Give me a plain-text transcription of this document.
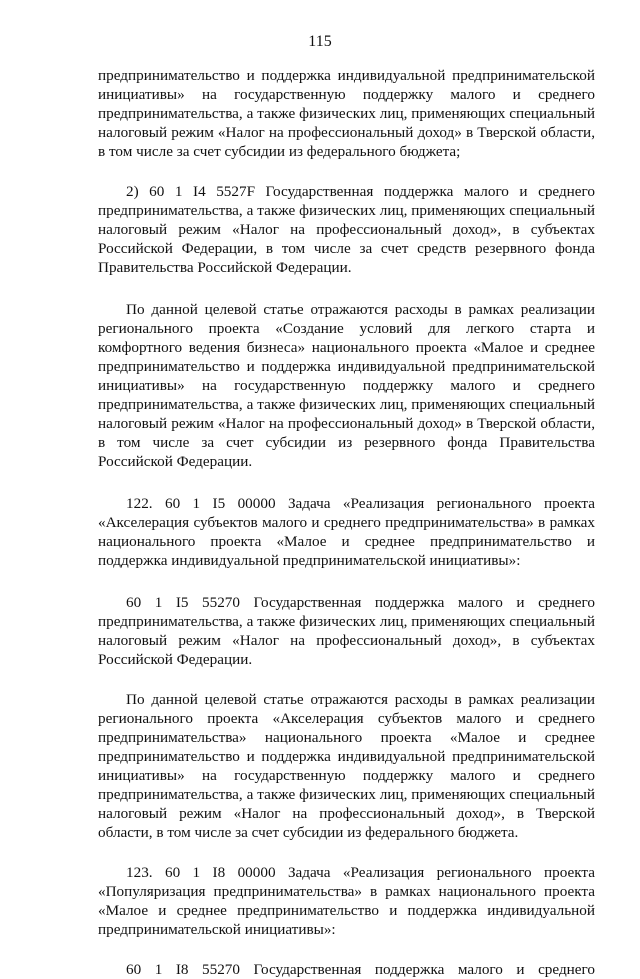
115

предпринимательство и поддержка индивидуальной предпринимательской инициативы» на государственную поддержку малого и среднего предпринимательства, а также физических лиц, применяющих специальный налоговый режим «Налог на профессиональный доход» в Тверской области, в том числе за счет субсидии из федерального бюджета;

2) 60 1 I4 5527F Государственная поддержка малого и среднего предпринимательства, а также физических лиц, применяющих специальный налоговый режим «Налог на профессиональный доход», в субъектах Российской Федерации, в том числе за счет средств резервного фонда Правительства Российской Федерации.

По данной целевой статье отражаются расходы в рамках реализации регионального проекта «Создание условий для легкого старта и комфортного ведения бизнеса» национального проекта «Малое и среднее предпринимательство и поддержка индивидуальной предпринимательской инициативы» на государственную поддержку малого и среднего предпринимательства, а также физических лиц, применяющих специальный налоговый режим «Налог на профессиональный доход» в Тверской области, в том числе за счет субсидии из резервного фонда Правительства Российской Федерации.

122. 60 1 I5 00000 Задача «Реализация регионального проекта «Акселерация субъектов малого и среднего предпринимательства» в рамках национального проекта «Малое и среднее предпринимательство и поддержка индивидуальной предпринимательской инициативы»:

60 1 I5 55270 Государственная поддержка малого и среднего предпринимательства, а также физических лиц, применяющих специальный налоговый режим «Налог на профессиональный доход», в субъектах Российской Федерации.

По данной целевой статье отражаются расходы в рамках реализации регионального проекта «Акселерация субъектов малого и среднего предпринимательства» национального проекта «Малое и среднее предпринимательство и поддержка индивидуальной предпринимательской инициативы» на государственную поддержку малого и среднего предпринимательства, а также физических лиц, применяющих специальный налоговый режим «Налог на профессиональный доход», в Тверской области, в том числе за счет субсидии из федерального бюджета.

123. 60 1 I8 00000 Задача «Реализация регионального проекта «Популяризация предпринимательства» в рамках национального проекта «Малое и среднее предпринимательство и поддержка индивидуальной предпринимательской инициативы»:

60 1 I8 55270 Государственная поддержка малого и среднего
